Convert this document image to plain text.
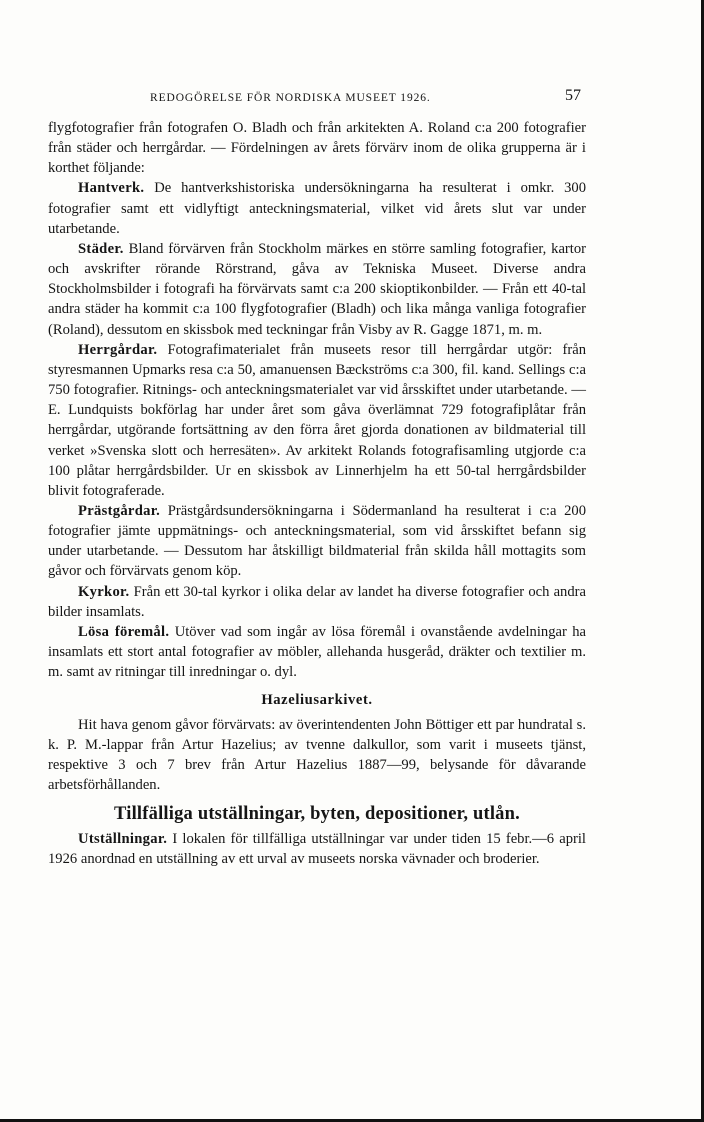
REDOGÖRELSE FÖR NORDISKA MUSEET 1926.	57

flygfotografier från fotografen O. Bladh och från arkitekten A. Roland c:a 200 fotografier från städer och herrgårdar. — Fördelningen av årets förvärv inom de olika grupperna är i korthet följande:

Hantverk. De hantverkshistoriska undersökningarna ha resulterat i omkr. 300 fotografier samt ett vidlyftigt anteckningsmaterial, vilket vid årets slut var under utarbetande.

Städer. Bland förvärven från Stockholm märkes en större samling fotografier, kartor och avskrifter rörande Rörstrand, gåva av Tekniska Museet. Diverse andra Stockholmsbilder i fotografi ha förvärvats samt c:a 200 skioptikonbilder. — Från ett 40-tal andra städer ha kommit c:a 100 flygfotografier (Bladh) och lika många vanliga fotografier (Roland), dessutom en skissbok med teckningar från Visby av R. Gagge 1871, m. m.

Herrgårdar. Fotografimaterialet från museets resor till herrgårdar utgör: från styresmannen Upmarks resa c:a 50, amanuensen Bæckströms c:a 300, fil. kand. Sellings c:a 750 fotografier. Ritnings- och anteckningsmaterialet var vid årsskiftet under utarbetande. — E. Lundquists bokförlag har under året som gåva överlämnat 729 fotografiplåtar från herrgårdar, utgörande fortsättning av den förra året gjorda donationen av bildmaterial till verket »Svenska slott och herresäten». Av arkitekt Rolands fotografisamling utgjorde c:a 100 plåtar herrgårdsbilder. Ur en skissbok av Linnerhjelm ha ett 50-tal herrgårdsbilder blivit fotograferade.

Prästgårdar. Prästgårdsundersökningarna i Södermanland ha resulterat i c:a 200 fotografier jämte uppmätnings- och anteckningsmaterial, som vid årsskiftet befann sig under utarbetande. — Dessutom har åtskilligt bildmaterial från skilda håll mottagits som gåvor och förvärvats genom köp.

Kyrkor. Från ett 30-tal kyrkor i olika delar av landet ha diverse fotografier och andra bilder insamlats.

Lösa föremål. Utöver vad som ingår av lösa föremål i ovanstående avdelningar ha insamlats ett stort antal fotografier av möbler, allehanda husgeråd, dräkter och textilier m. m. samt av ritningar till inredningar o. dyl.

Hazeliusarkivet.

Hit hava genom gåvor förvärvats: av överintendenten John Böttiger ett par hundratal s. k. P. M.-lappar från Artur Hazelius; av tvenne dalkullor, som varit i museets tjänst, respektive 3 och 7 brev från Artur Hazelius 1887—99, belysande för dåvarande arbetsförhållanden.

Tillfälliga utställningar, byten, depositioner, utlån.

Utställningar. I lokalen för tillfälliga utställningar var under tiden 15 febr.—6 april 1926 anordnad en utställning av ett urval av museets norska vävnader och broderier.
